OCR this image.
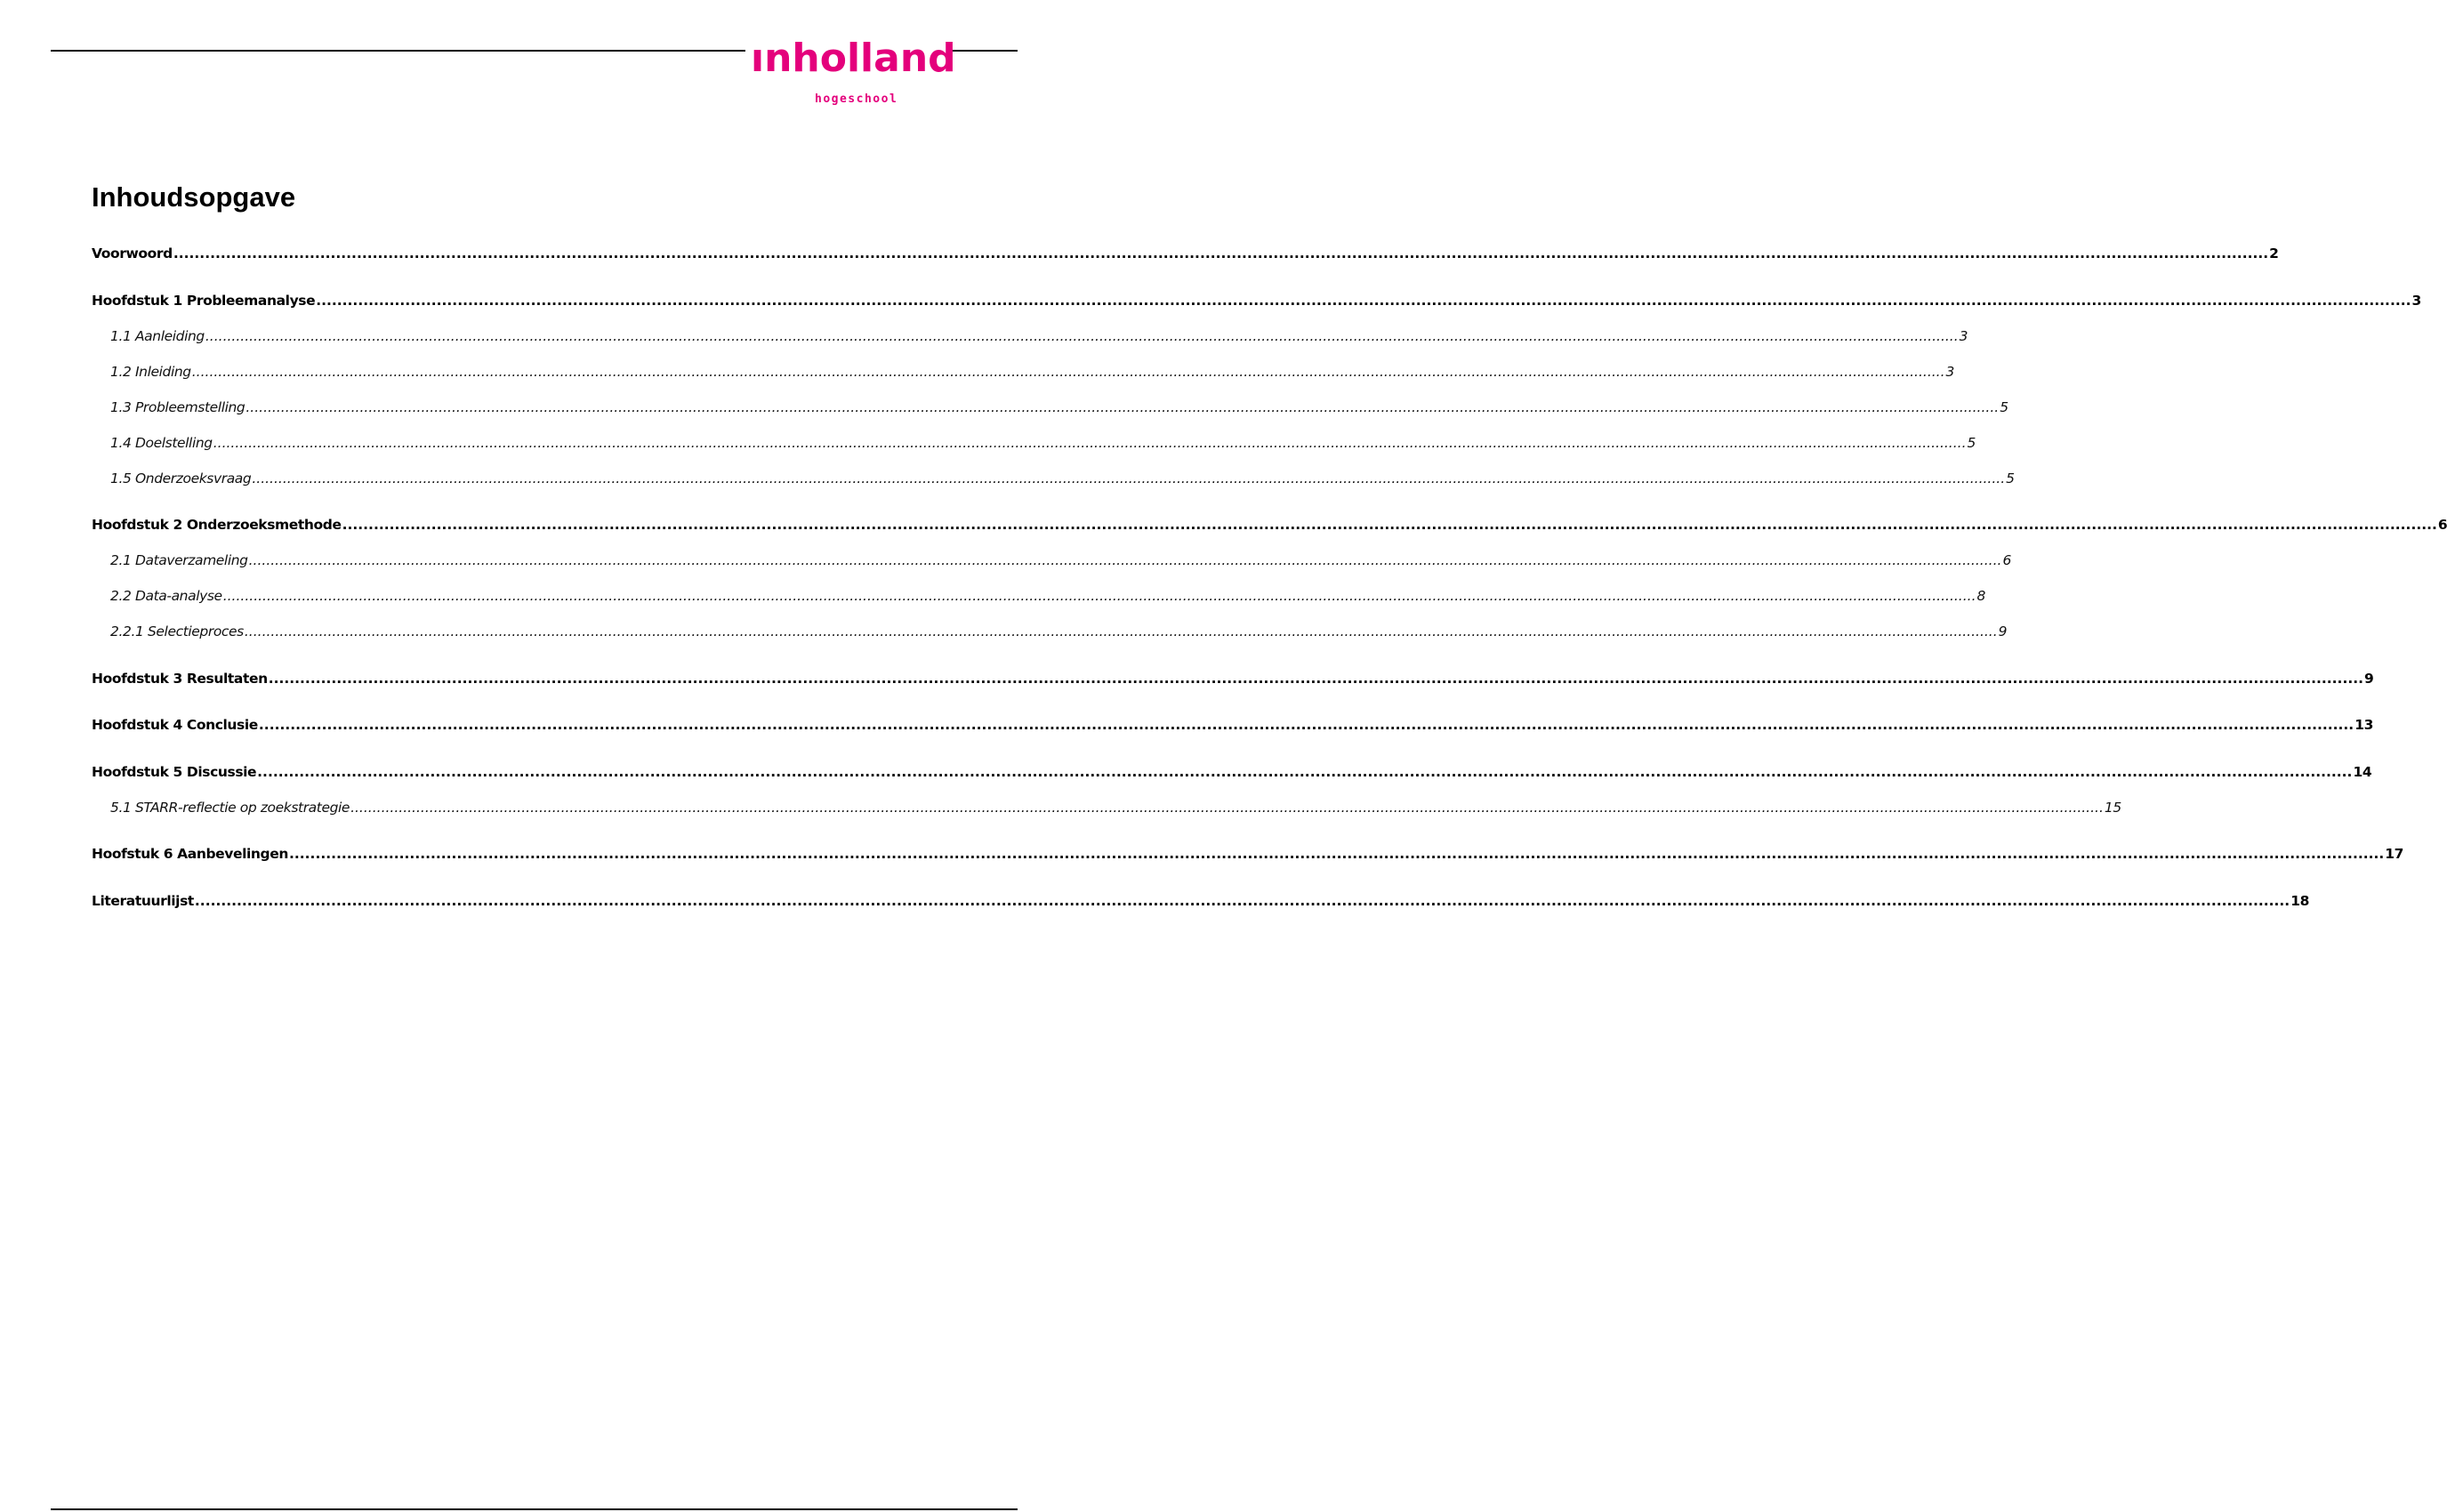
ınholland
hogeschool
Inhoudsopgave
Voorwoord ................................................................................................................................................................................................................................................................................................................................................................................................................ 2
Hoofdstuk 1 Probleemanalyse ................................................................................................................................................................................................................................................................................................................................................................................................................ 3
1.1 Aanleiding ................................................................................................................................................................................................................................................................................................................................................................................................................ 3
1.2 Inleiding ................................................................................................................................................................................................................................................................................................................................................................................................................ 3
1.3 Probleemstelling ................................................................................................................................................................................................................................................................................................................................................................................................................ 5
1.4 Doelstelling ................................................................................................................................................................................................................................................................................................................................................................................................................ 5
1.5 Onderzoeksvraag ................................................................................................................................................................................................................................................................................................................................................................................................................ 5
Hoofdstuk 2 Onderzoeksmethode ................................................................................................................................................................................................................................................................................................................................................................................................................ 6
2.1 Dataverzameling ................................................................................................................................................................................................................................................................................................................................................................................................................ 6
2.2 Data-analyse ................................................................................................................................................................................................................................................................................................................................................................................................................ 8
2.2.1 Selectieproces ................................................................................................................................................................................................................................................................................................................................................................................................................ 9
Hoofdstuk 3 Resultaten ................................................................................................................................................................................................................................................................................................................................................................................................................ 9
Hoofdstuk 4 Conclusie ................................................................................................................................................................................................................................................................................................................................................................................................................ 13
Hoofdstuk 5 Discussie ................................................................................................................................................................................................................................................................................................................................................................................................................ 14
5.1 STARR-reflectie op zoekstrategie ................................................................................................................................................................................................................................................................................................................................................................................................................ 15
Hoofstuk 6 Aanbevelingen ................................................................................................................................................................................................................................................................................................................................................................................................................ 17
Literatuurlijst ................................................................................................................................................................................................................................................................................................................................................................................................................ 18
